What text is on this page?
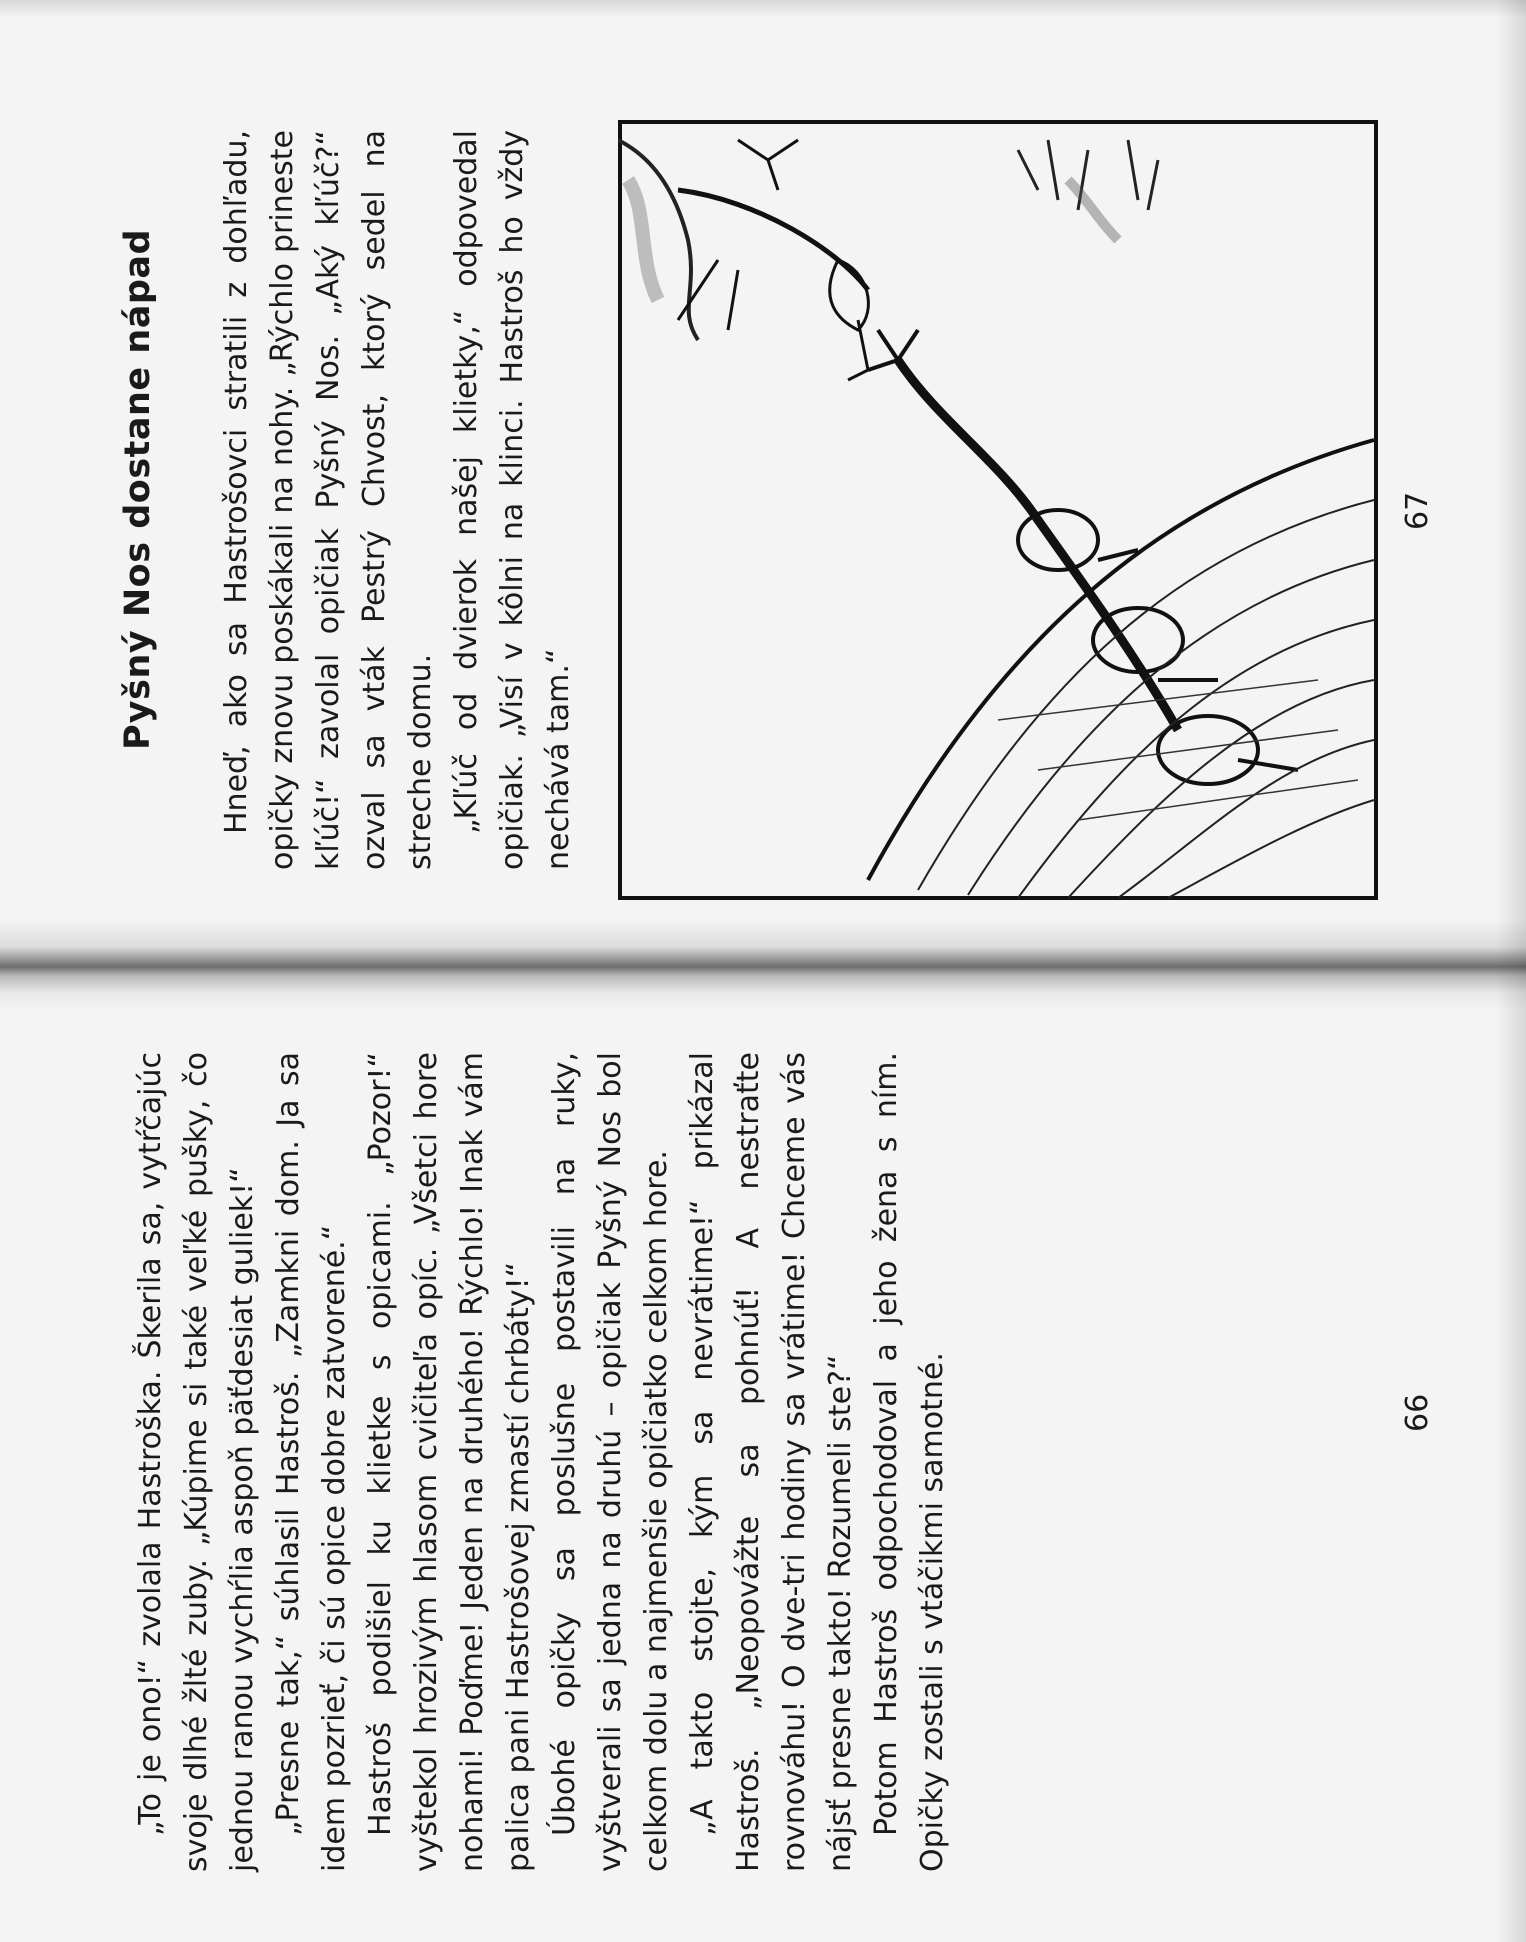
Pyšný Nos dostane nápad Hneď, ako sa Hastrošovci stratili z dohľadu, opičky znovu poskákali na nohy. „Rýchlo prineste kľúč!“ zavolal opičiak Pyšný Nos. „Aký kľúč?“ ozval sa vták Pestrý Chvost, ktorý sedel na streche domu. „Kľúč od dvierok našej klietky,“ odpovedal opičiak. „Visí v kôlni na klinci. Hastroš ho vždy nechává tam.“

67

„To je ono!“ zvolala Hastroška. Škerila sa, vytŕčajúc svoje dlhé žlté zuby. „Kúpime si také veľké pušky, čo jednou ranou vychŕlia aspoň päťdesiat guliek!“ „Presne tak,“ súhlasil Hastroš. „Zamkni dom. Ja sa idem pozrieť, či sú opice dobre zatvorené.“ Hastroš podišiel ku klietke s opicami. „Pozor!“ vyštekol hrozivým hlasom cvičiteľa opíc. „Všetci hore nohami! Poďme! Jeden na druhého! Rýchlo! Inak vám palica pani Hastrošovej zmastí chrbáty!“ Úbohé opičky sa poslušne postavili na ruky, vyštverali sa jedna na druhú – opičiak Pyšný Nos bol celkom dolu a najmenšie opičiatko celkom hore. „A takto stojte, kým sa nevrátime!“ prikázal Hastroš. „Neopovážte sa pohnúť! A nestraťte rovnováhu! O dve-tri hodiny sa vrátime! Chceme vás nájsť presne takto! Rozumeli ste?“ Potom Hastroš odpochodoval a jeho žena s ním. Opičky zostali s vtáčikmi samotné.	66
